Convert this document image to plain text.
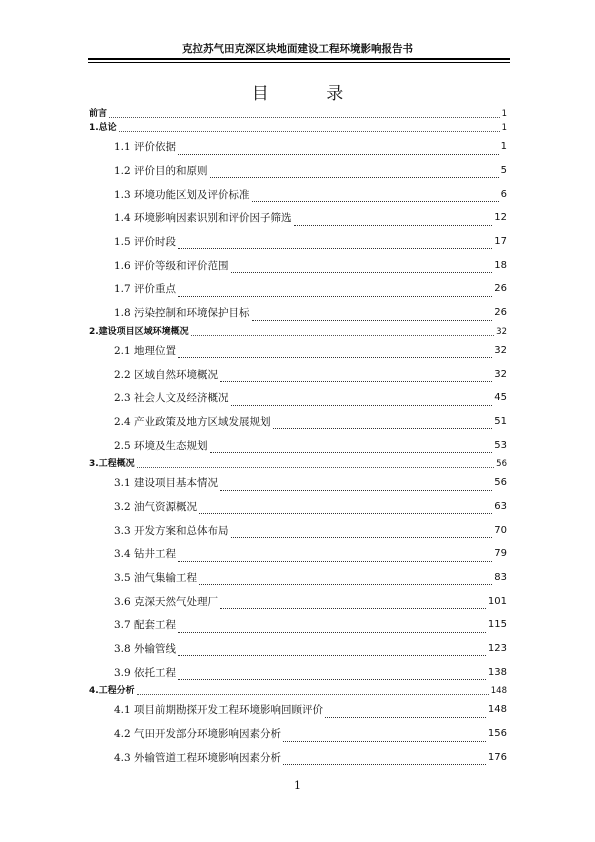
克拉苏气田克深区块地面建设工程环境影响报告书
目 录
前言	1
1.总论	1
1.1 评价依据	1
1.2 评价目的和原则	5
1.3 环境功能区划及评价标准	6
1.4 环境影响因素识别和评价因子筛选	12
1.5 评价时段	17
1.6 评价等级和评价范围	18
1.7 评价重点	26
1.8 污染控制和环境保护目标	26
2.建设项目区域环境概况	32
2.1 地理位置	32
2.2 区域自然环境概况	32
2.3 社会人文及经济概况	45
2.4 产业政策及地方区域发展规划	51
2.5 环境及生态规划	53
3.工程概况	56
3.1 建设项目基本情况	56
3.2 油气资源概况	63
3.3 开发方案和总体布局	70
3.4 钻井工程	79
3.5 油气集输工程	83
3.6 克深天然气处理厂	101
3.7 配套工程	115
3.8 外输管线	123
3.9 依托工程	138
4.工程分析	148
4.1 项目前期勘探开发工程环境影响回顾评价	148
4.2 气田开发部分环境影响因素分析	156
4.3 外输管道工程环境影响因素分析	176
1
